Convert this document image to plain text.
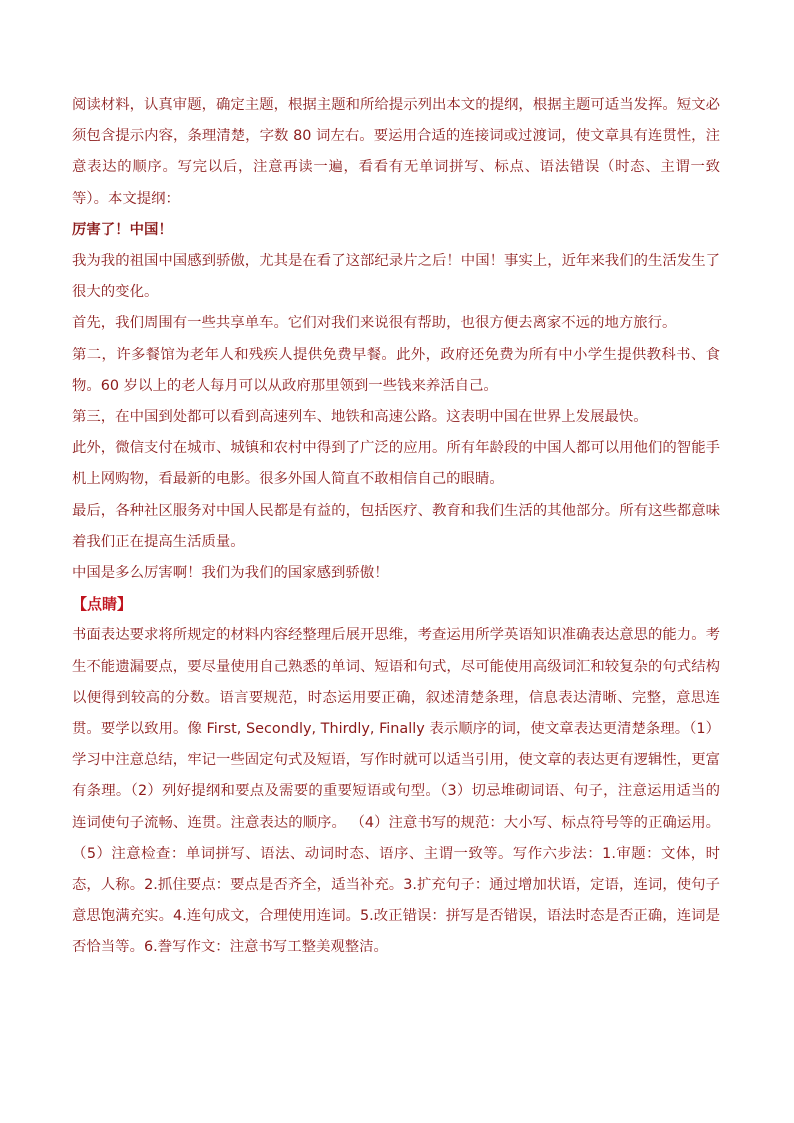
阅读材料，认真审题，确定主题，根据主题和所给提示列出本文的提纲，根据主题可适当发挥。短文必须包含提示内容，条理清楚，字数 80 词左右。要运用合适的连接词或过渡词，使文章具有连贯性，注意表达的顺序。写完以后，注意再读一遍，看看有无单词拼写、标点、语法错误（时态、主谓一致等）。本文提纲：

厉害了！中国！

我为我的祖国中国感到骄傲，尤其是在看了这部纪录片之后！中国！事实上，近年来我们的生活发生了很大的变化。

首先，我们周围有一些共享单车。它们对我们来说很有帮助，也很方便去离家不远的地方旅行。

第二，许多餐馆为老年人和残疾人提供免费早餐。此外，政府还免费为所有中小学生提供教科书、食物。60 岁以上的老人每月可以从政府那里领到一些钱来养活自己。

第三，在中国到处都可以看到高速列车、地铁和高速公路。这表明中国在世界上发展最快。

此外，微信支付在城市、城镇和农村中得到了广泛的应用。所有年龄段的中国人都可以用他们的智能手机上网购物，看最新的电影。很多外国人简直不敢相信自己的眼睛。

最后，各种社区服务对中国人民都是有益的，包括医疗、教育和我们生活的其他部分。所有这些都意味着我们正在提高生活质量。

中国是多么厉害啊！我们为我们的国家感到骄傲！

【点睛】

书面表达要求将所规定的材料内容经整理后展开思维，考查运用所学英语知识准确表达意思的能力。考生不能遗漏要点，要尽量使用自己熟悉的单词、短语和句式，尽可能使用高级词汇和较复杂的句式结构以便得到较高的分数。语言要规范，时态运用要正确，叙述清楚条理，信息表达清晰、完整，意思连贯。要学以致用。像 First, Secondly, Thirdly, Finally 表示顺序的词，使文章表达更清楚条理。（1）学习中注意总结，牢记一些固定句式及短语，写作时就可以适当引用，使文章的表达更有逻辑性，更富有条理。（2）列好提纲和要点及需要的重要短语或句型。（3）切忌堆砌词语、句子，注意运用适当的连词使句子流畅、连贯。注意表达的顺序。 （4）注意书写的规范：大小写、标点符号等的正确运用。 （5）注意检查：单词拼写、语法、动词时态、语序、主谓一致等。写作六步法：1.审题：文体，时态，人称。2.抓住要点：要点是否齐全，适当补充。3.扩充句子：通过增加状语，定语，连词，使句子意思饱满充实。4.连句成文，合理使用连词。5.改正错误：拼写是否错误，语法时态是否正确，连词是否恰当等。6.誊写作文：注意书写工整美观整洁。
